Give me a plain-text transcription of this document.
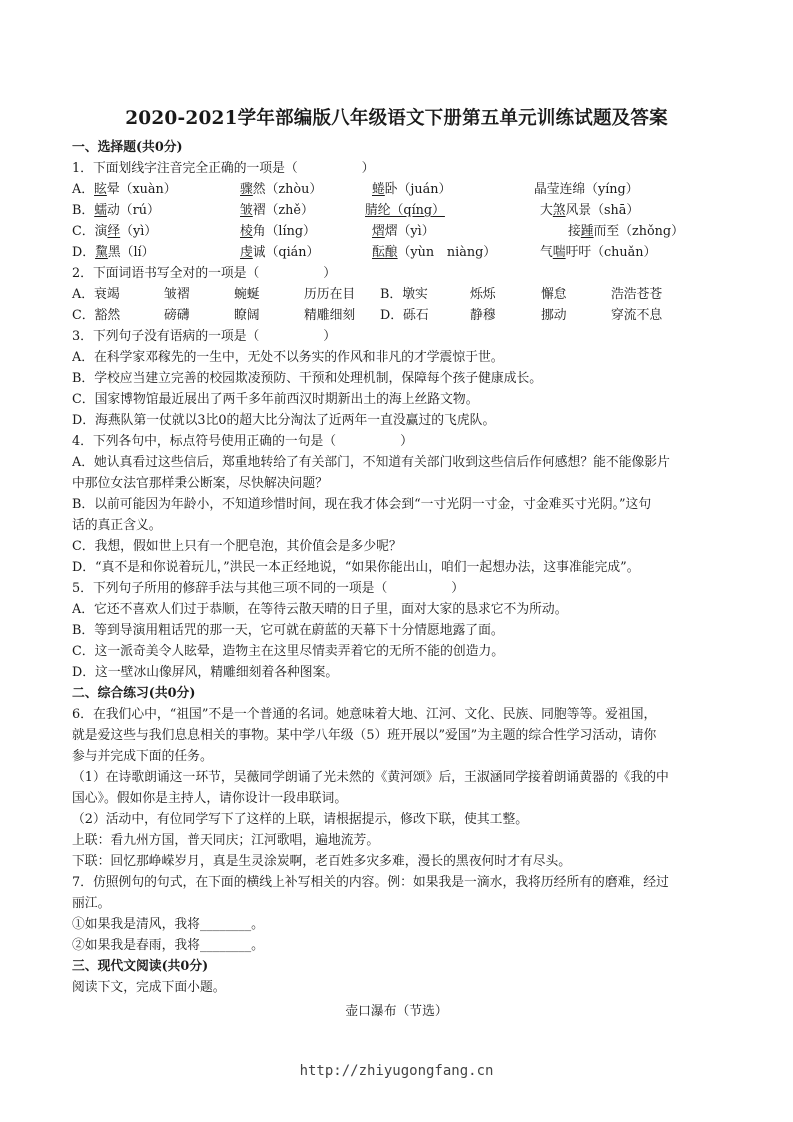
2020-2021学年部编版八年级语文下册第五单元训练试题及答案
一、选择题(共0分)
1．下面划线字注音完全正确的一项是（　　　　　）
A．眩晕（xuàn）	骤然（zhòu）	蜷卧（juán）	晶莹连绵（yíng）
B．蠕动（rú）	皱褶（zhě）	腈纶（qíng）	大煞风景（shā）
C．演绎（yì）	棱角（líng）	熠熠（yì）	接踵而至（zhǒng）
D．黧黑（lí）	虔诚（qián）	酝酿（yùn　niàng）	气喘吁吁（chuǎn）
2．下面词语书写全对的一项是（　　　　　）
A．衰竭	皱褶	蜿蜒	历历在目 B．墩实	烁烁	懈怠	浩浩苍苍
C．豁然	磅礴	瞭阔	精雕细刻 D．砾石	静穆	挪动	穿流不息
3．下列句子没有语病的一项是（　　　　　）
A．在科学家邓稼先的一生中，无处不以务实的作风和非凡的才学震惊于世。
B．学校应当建立完善的校园欺凌预防、干预和处理机制，保障每个孩子健康成长。
C．国家博物馆最近展出了两千多年前西汉时期新出土的海上丝路文物。
D．海燕队第一仗就以3比0的超大比分淘汰了近两年一直没赢过的飞虎队。
4．下列各句中，标点符号使用正确的一句是（　　　　　）
A．她认真看过这些信后，郑重地转给了有关部门，不知道有关部门收到这些信后作何感想？能不能像影片
中那位女法官那样秉公断案，尽快解决问题？
B．以前可能因为年龄小，不知道珍惜时间，现在我才体会到“一寸光阴一寸金，寸金难买寸光阴。”这句
话的真正含义。
C．我想，假如世上只有一个肥皂泡，其价值会是多少呢？
D．“真不是和你说着玩儿，”洪民一本正经地说，“如果你能出山，咱们一起想办法，这事准能完成”。
5．下列句子所用的修辞手法与其他三项不同的一项是（　　　　　）
A．它还不喜欢人们过于恭顺，在等待云散天晴的日子里，面对大家的恳求它不为所动。
B．等到导演用粗话咒的那一天，它可就在蔚蓝的天幕下十分情愿地露了面。
C．这一派奇美令人眩晕，造物主在这里尽情卖弄着它的无所不能的创造力。
D．这一壁冰山像屏风，精雕细刻着各种图案。
二、综合练习(共0分)
6．在我们心中，“祖国”不是一个普通的名词。她意味着大地、江河、文化、民族、同胞等等。爱祖国，
就是爱这些与我们息息相关的事物。某中学八年级（5）班开展以”爱国”为主题的综合性学习活动，请你
参与并完成下面的任务。
（1）在诗歌朗诵这一环节，吴薇同学朗诵了光未然的《黄河颂》后，王淑涵同学接着朗诵黄器的《我的中
国心》。假如你是主持人，请你设计一段串联词。
（2）活动中，有位同学写下了这样的上联，请根据提示，修改下联，使其工整。
上联：看九州方国，普天同庆；江河歌唱，遍地流芳。
下联：回忆那峥嵘岁月，真是生灵涂炭啊，老百姓多灾多难，漫长的黑夜何时才有尽头。
7．仿照例句的句式，在下面的横线上补写相关的内容。例：如果我是一滴水，我将历经所有的磨难，经过
丽江。
①如果我是清风，我将________。
②如果我是春雨，我将________。
三、现代文阅读(共0分)
阅读下文，完成下面小题。
壶口瀑布（节选）
http://zhiyugongfang.cn
